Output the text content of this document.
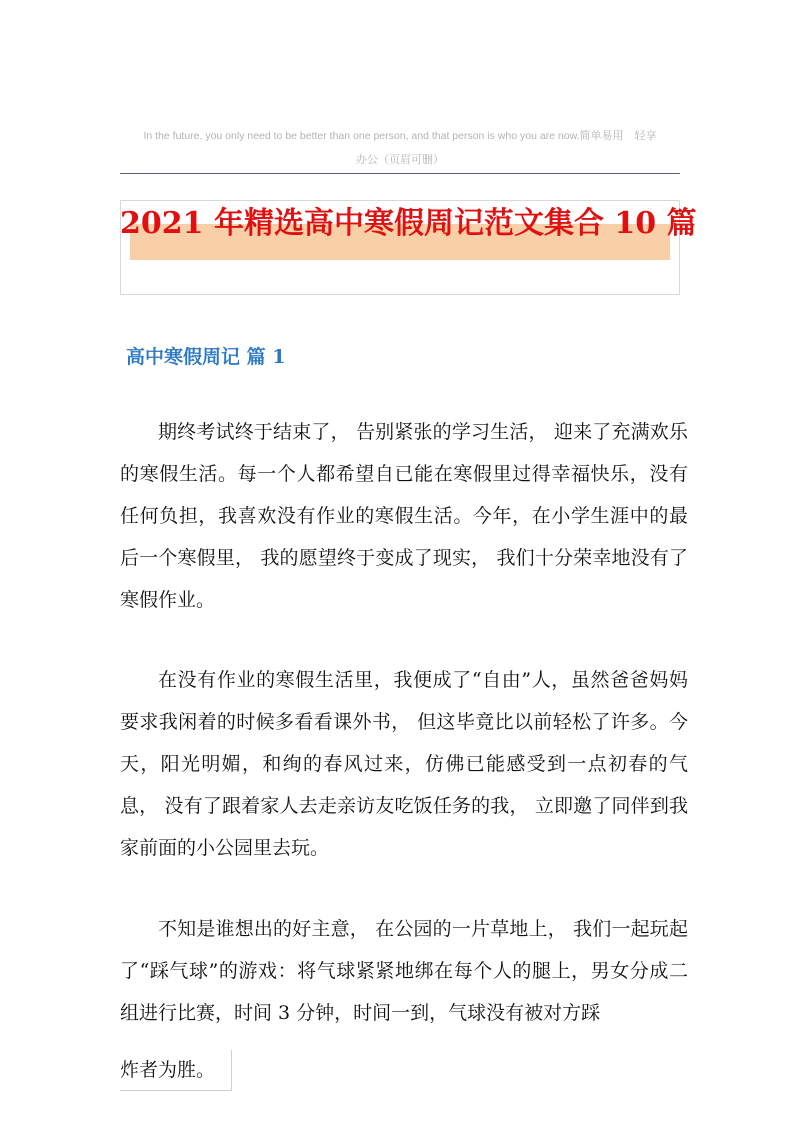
In the future, you only need to be better than one person, and that person is who you are now.简单易用　轻享
办公（页眉可删）
2021 年精选高中寒假周记范文集合 10 篇
高中寒假周记 篇 1

期终考试终于结束了， 告别紧张的学习生活， 迎来了充满欢乐的寒假生活。每一个人都希望自已能在寒假里过得幸福快乐，没有任何负担，我喜欢没有作业的寒假生活。今年，在小学生涯中的最后一个寒假里， 我的愿望终于变成了现实， 我们十分荣幸地没有了寒假作业。

在没有作业的寒假生活里，我便成了“自由”人，虽然爸爸妈妈要求我闲着的时候多看看课外书， 但这毕竟比以前轻松了许多。今天，阳光明媚，和绚的春风过来，仿佛已能感受到一点初春的气息， 没有了跟着家人去走亲访友吃饭任务的我， 立即邀了同伴到我家前面的小公园里去玩。

不知是谁想出的好主意， 在公园的一片草地上， 我们一起玩起了“踩气球”的游戏：将气球紧紧地绑在每个人的腿上，男女分成二组进行比赛，时间 3 分钟，时间一到，气球没有被对方踩

炸者为胜。
